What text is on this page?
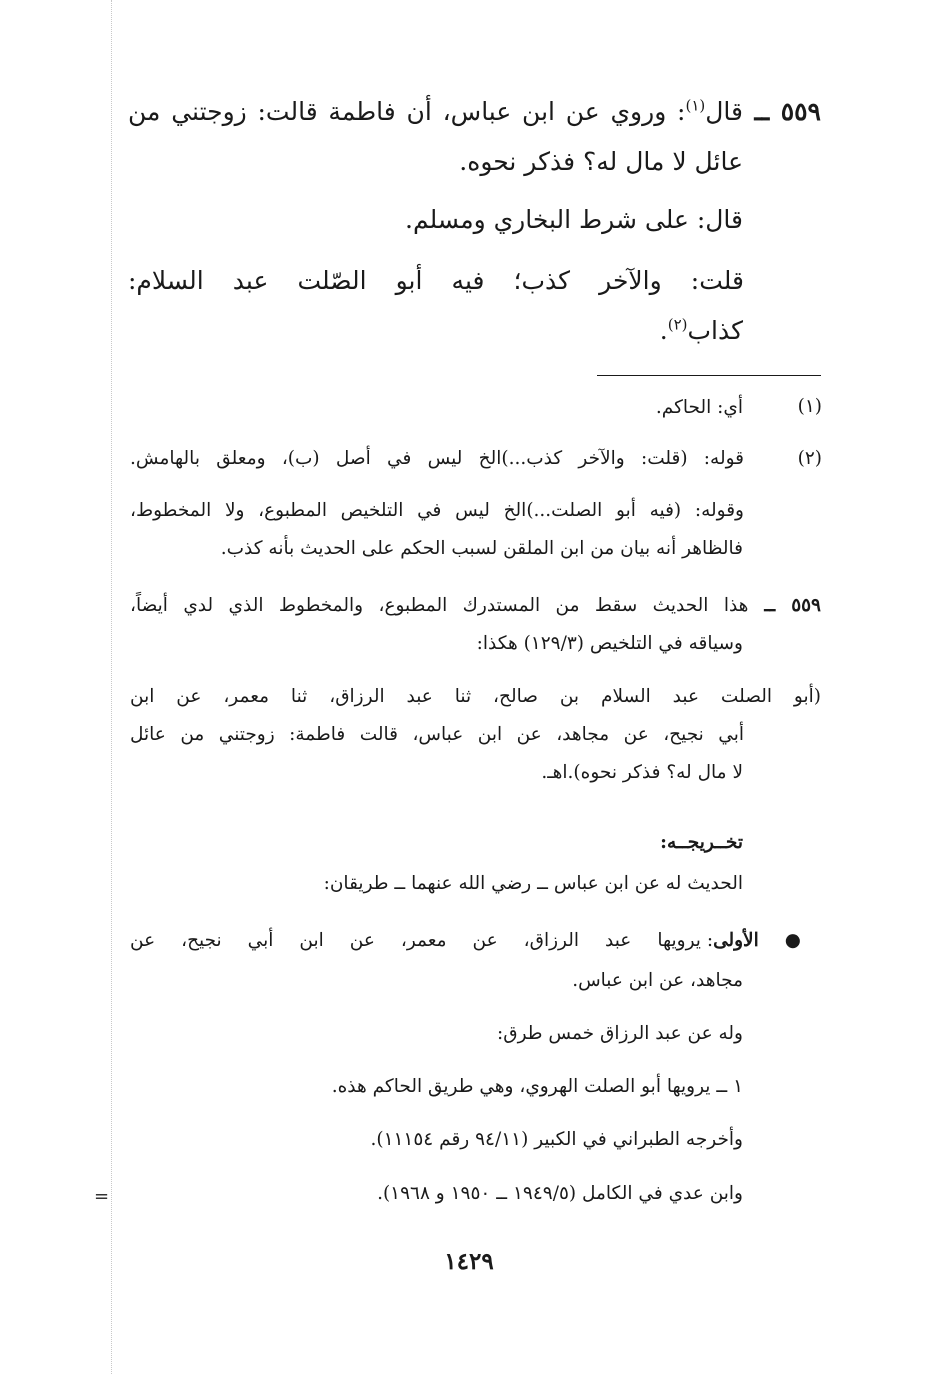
=
٥٥٩ ــ قال$^{(١)}$: وروي عن ابن عباس، أن فاطمة قالت: زوجتني من
عائل لا مال له؟ فذكر نحوه.
قال: على شرط البخاري ومسلم.
قلت: والآخر كذب؛ فيه أبو الصّلت عبد السلام:
كذاب$^{(٢)}$.
(١)
أي: الحاكم.
(٢)
قوله: (قلت: والآخر كذب...)الخ ليس في أصل (ب)، ومعلق بالهامش.
وقوله: (فيه أبو الصلت...)الخ ليس في التلخيص المطبوع، ولا المخطوط،
فالظاهر أنه بيان من ابن الملقن لسبب الحكم على الحديث بأنه كذب.
٥٥٩ ــ هذا الحديث سقط من المستدرك المطبوع، والمخطوط الذي لدي أيضاً،
وسياقه في التلخيص (١٢٩/٣) هكذا:
(أبو الصلت عبد السلام بن صالح، ثنا عبد الرزاق، ثنا معمر، عن ابن
أبي نجيح، عن مجاهد، عن ابن عباس، قالت فاطمة: زوجتني من عائل
لا مال له؟ فذكر نحوه).اهـ.
تخــريجــه:
الحديث له عن ابن عباس ــ رضي الله عنهما ــ طريقان:
● الأولى: يرويها عبد الرزاق، عن معمر، عن ابن أبي نجيح، عن
مجاهد، عن ابن عباس.
وله عن عبد الرزاق خمس طرق:
١ ــ يرويها أبو الصلت الهروي، وهي طريق الحاكم هذه.
وأخرجه الطبراني في الكبير (٩٤/١١ رقم ١١١٥٤).
وابن عدي في الكامل (١٩٤٩/٥ ــ ١٩٥٠ و ١٩٦٨).
١٤٢٩
